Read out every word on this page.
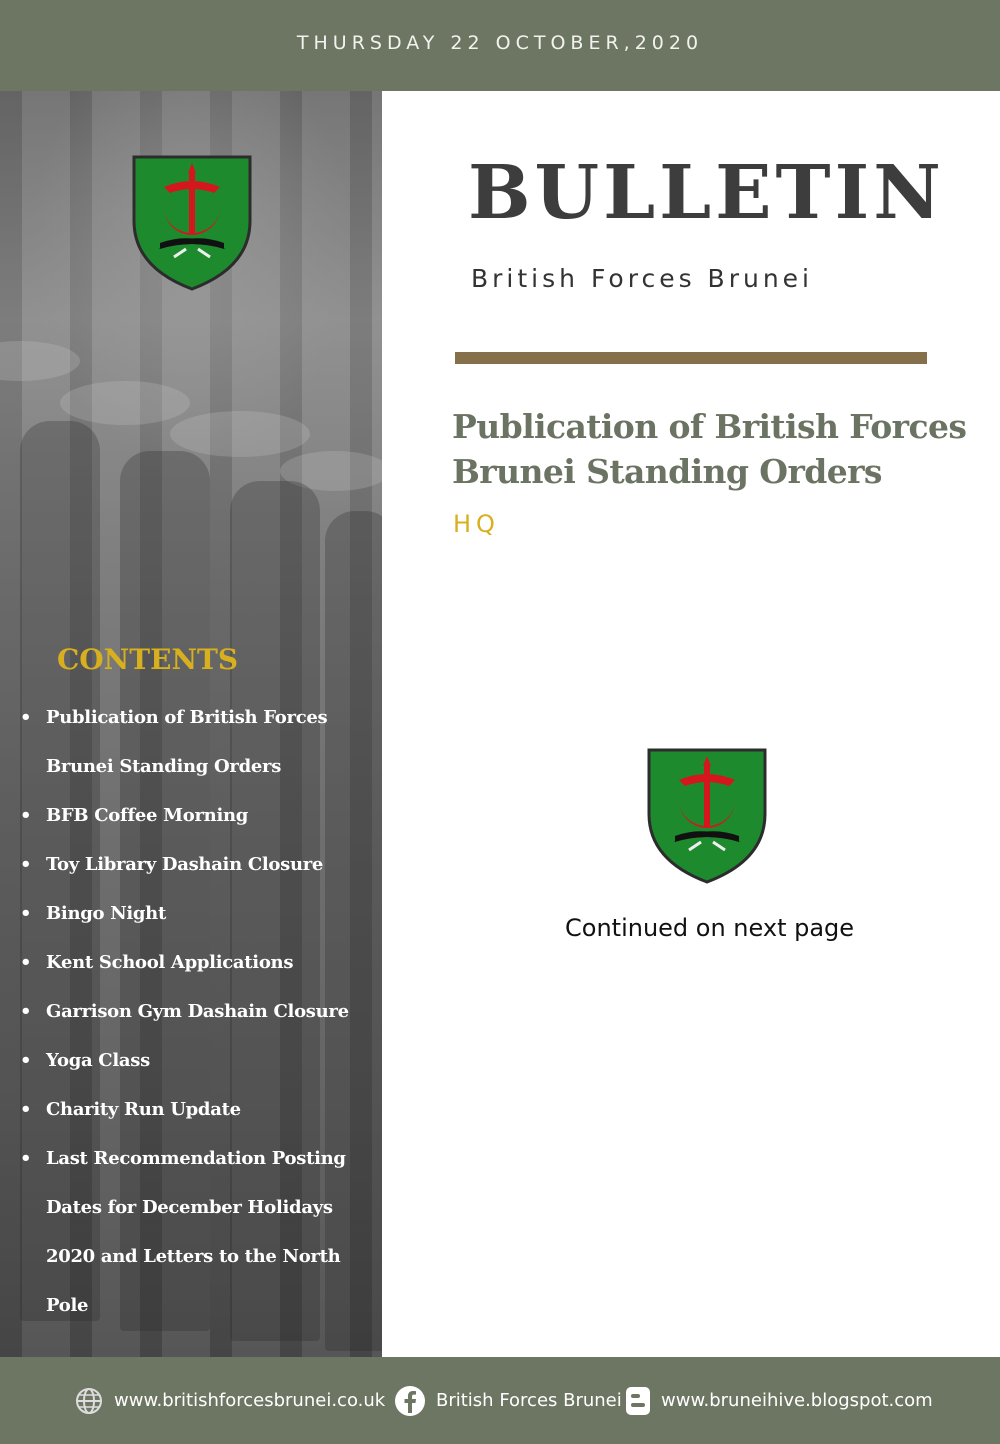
THURSDAY 22 OCTOBER,2020
CONTENTS
• Publication of British Forces Brunei Standing Orders
• BFB Coffee Morning
• Toy Library Dashain Closure
• Bingo Night
• Kent School Applications
• Garrison Gym Dashain Closure
• Yoga Class
• Charity Run Update
• Last Recommendation Posting Dates for December Holidays 2020 and Letters to the North Pole
BULLETIN
British Forces Brunei
Publication of British Forces Brunei Standing Orders
HQ
Continued on next page
www.britishforcesbrunei.co.uk	British Forces Brunei www.bruneihive.blogspot.com
